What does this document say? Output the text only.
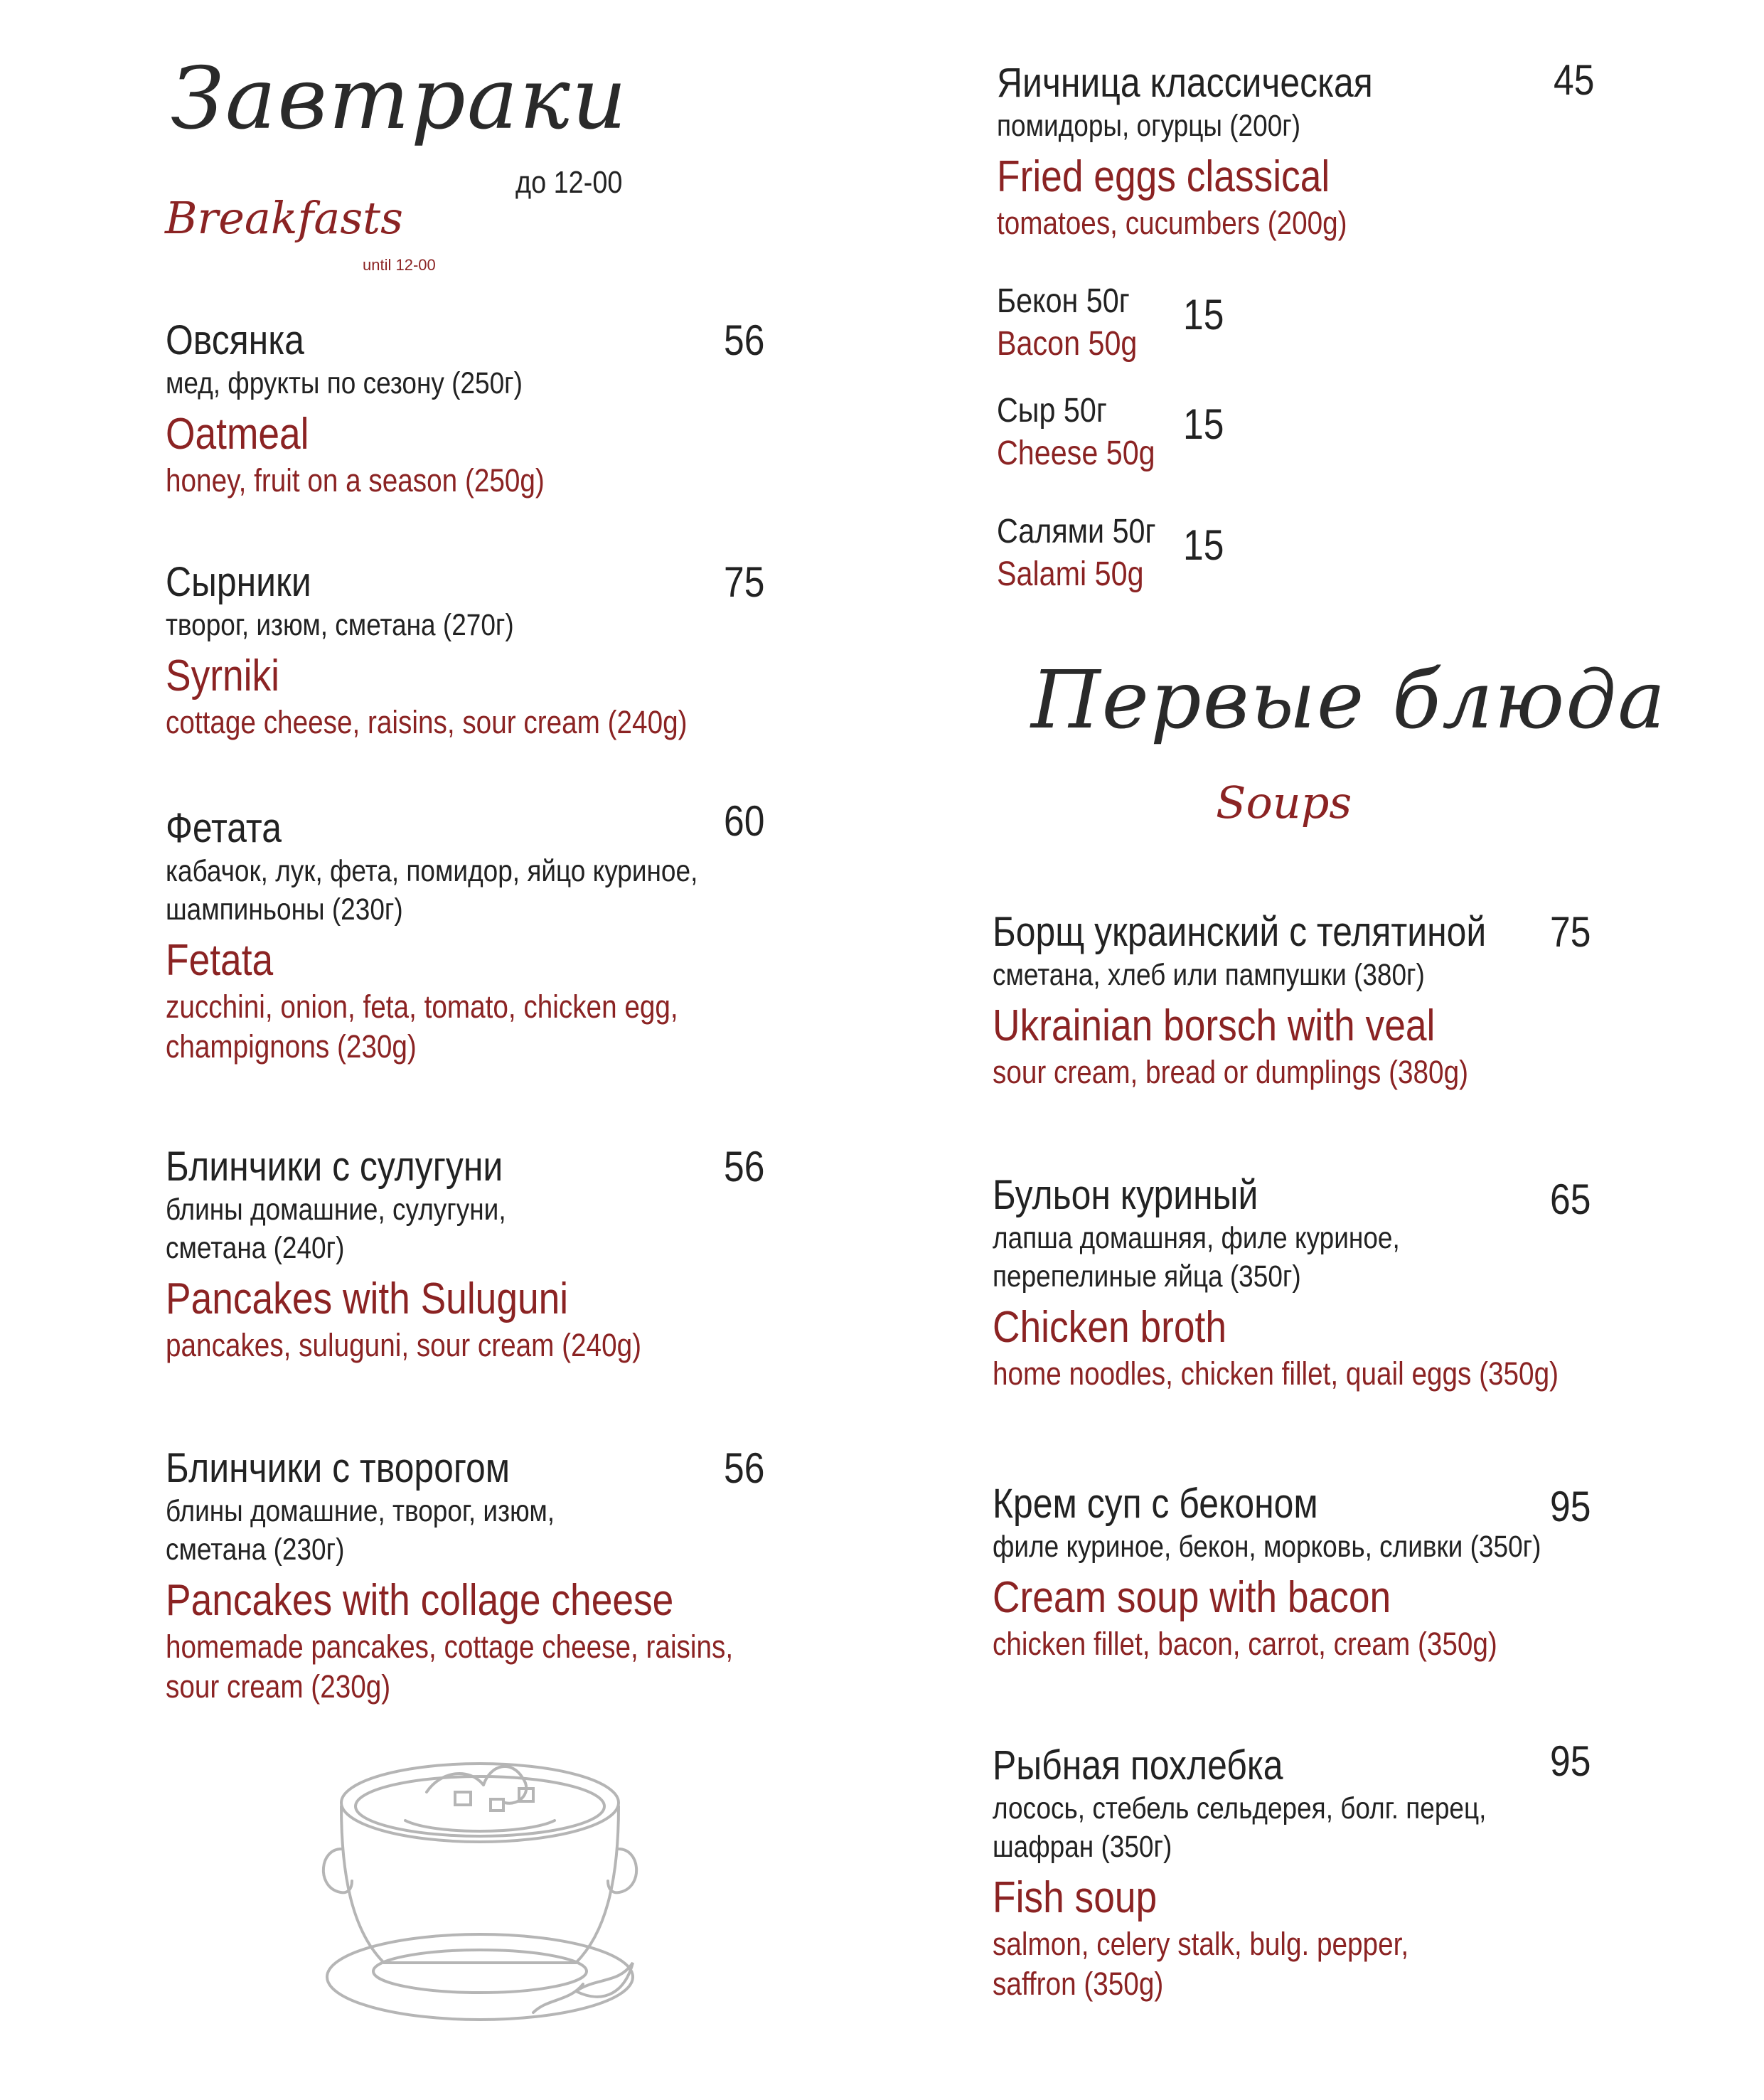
Завтраки
до 12-00
Breakfasts
until 12-00
Овсянка
мед, фрукты по сезону (250г)
Oatmeal
honey, fruit on a season (250g)
56
Сырники
творог, изюм, сметана (270г)
Syrniki
cottage cheese, raisins, sour cream (240g)
75
Фетата
кабачок, лук, фета, помидор, яйцо куриное,
шампиньоны (230г)
Fetata
zucchini, onion, feta, tomato, chicken egg,
champignons (230g)
60
Блинчики с сулугуни
блины домашние, сулугуни,
сметана (240г)
Pancakes with Suluguni
pancakes, suluguni, sour cream (240g)
56
Блинчики с творогом
блины домашние, творог, изюм,
сметана (230г)
Pancakes with collage cheese
homemade pancakes, cottage cheese, raisins,
sour cream (230g)
56
Яичница классическая
помидоры, огурцы (200г)
Fried eggs classical
tomatoes, cucumbers (200g)
45
Бекон 50г
Bacon 50g
15
Сыр 50г
Cheese 50g
15
Салями 50г
Salami 50g
15
Первые блюда
Soups
Борщ украинский с телятиной
сметана, хлеб или пампушки (380г)
Ukrainian borsch with veal
sour cream, bread or dumplings (380g)
75
Бульон куриный
лапша домашняя, филе куриное,
перепелиные яйца (350г)
Chicken broth
home noodles, chicken fillet, quail eggs (350g)
65
Крем суп с беконом
филе куриное, бекон, морковь, сливки (350г)
Cream soup with bacon
chicken fillet, bacon, carrot, cream (350g)
95
Рыбная похлебка
лосось, стебель сельдерея, болг. перец,
шафран (350г)
Fish soup
salmon, celery stalk, bulg. pepper,
saffron (350g)
95
